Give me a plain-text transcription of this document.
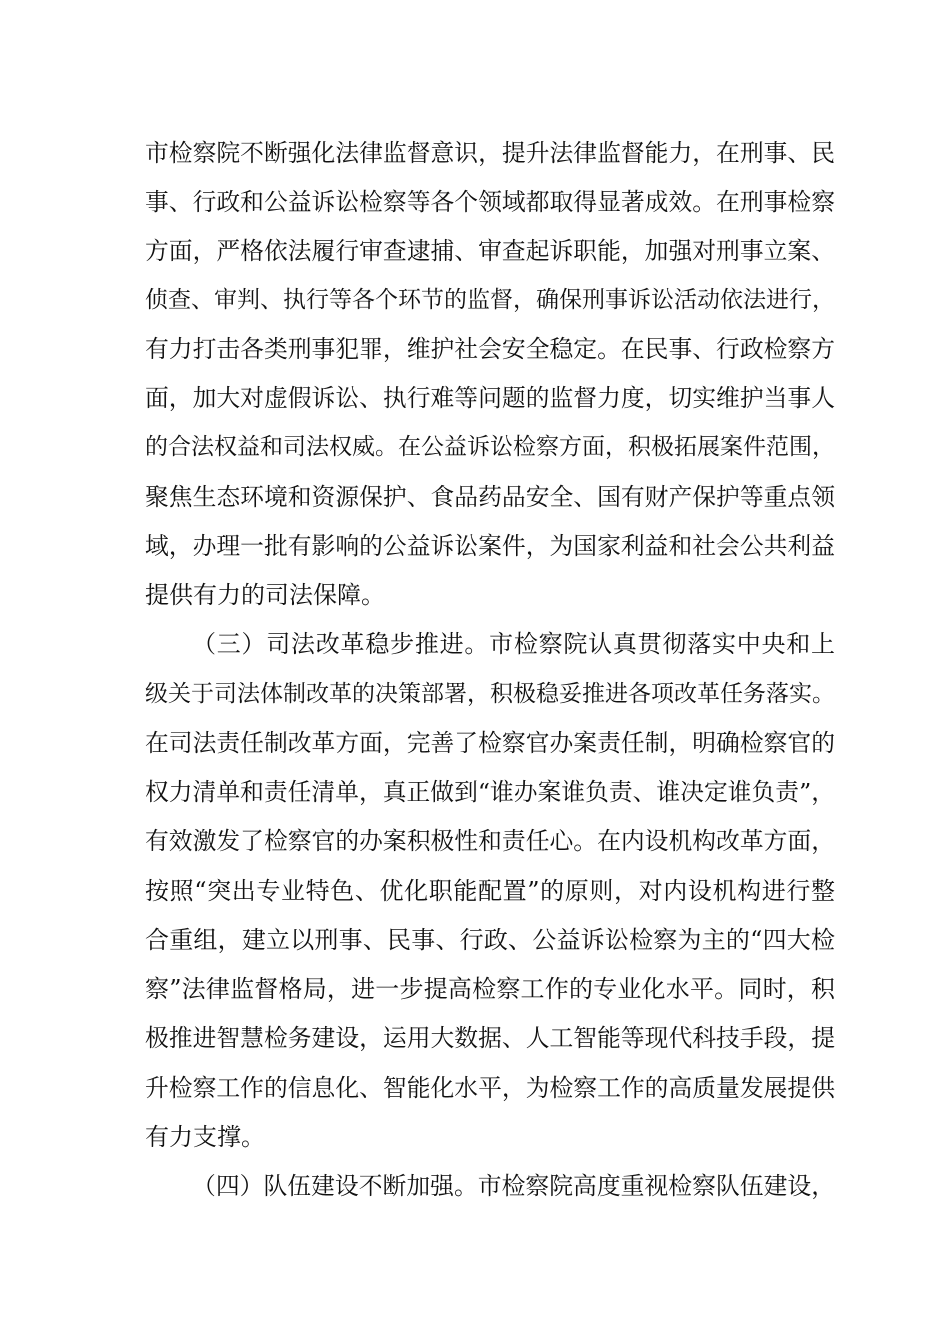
市检察院不断强化法律监督意识，提升法律监督能力，在刑事、民
事、行政和公益诉讼检察等各个领域都取得显著成效。在刑事检察
方面，严格依法履行审查逮捕、审查起诉职能，加强对刑事立案、
侦查、审判、执行等各个环节的监督，确保刑事诉讼活动依法进行，
有力打击各类刑事犯罪，维护社会安全稳定。在民事、行政检察方
面，加大对虚假诉讼、执行难等问题的监督力度，切实维护当事人
的合法权益和司法权威。在公益诉讼检察方面，积极拓展案件范围，
聚焦生态环境和资源保护、食品药品安全、国有财产保护等重点领
域，办理一批有影响的公益诉讼案件，为国家利益和社会公共利益
提供有力的司法保障。
（三）司法改革稳步推进。市检察院认真贯彻落实中央和上
级关于司法体制改革的决策部署，积极稳妥推进各项改革任务落实。
在司法责任制改革方面，完善了检察官办案责任制，明确检察官的
权力清单和责任清单，真正做到“谁办案谁负责、谁决定谁负责”，
有效激发了检察官的办案积极性和责任心。在内设机构改革方面，
按照“突出专业特色、优化职能配置”的原则，对内设机构进行整
合重组，建立以刑事、民事、行政、公益诉讼检察为主的“四大检
察”法律监督格局，进一步提高检察工作的专业化水平。同时，积
极推进智慧检务建设，运用大数据、人工智能等现代科技手段，提
升检察工作的信息化、智能化水平，为检察工作的高质量发展提供
有力支撑。
（四）队伍建设不断加强。市检察院高度重视检察队伍建设，
